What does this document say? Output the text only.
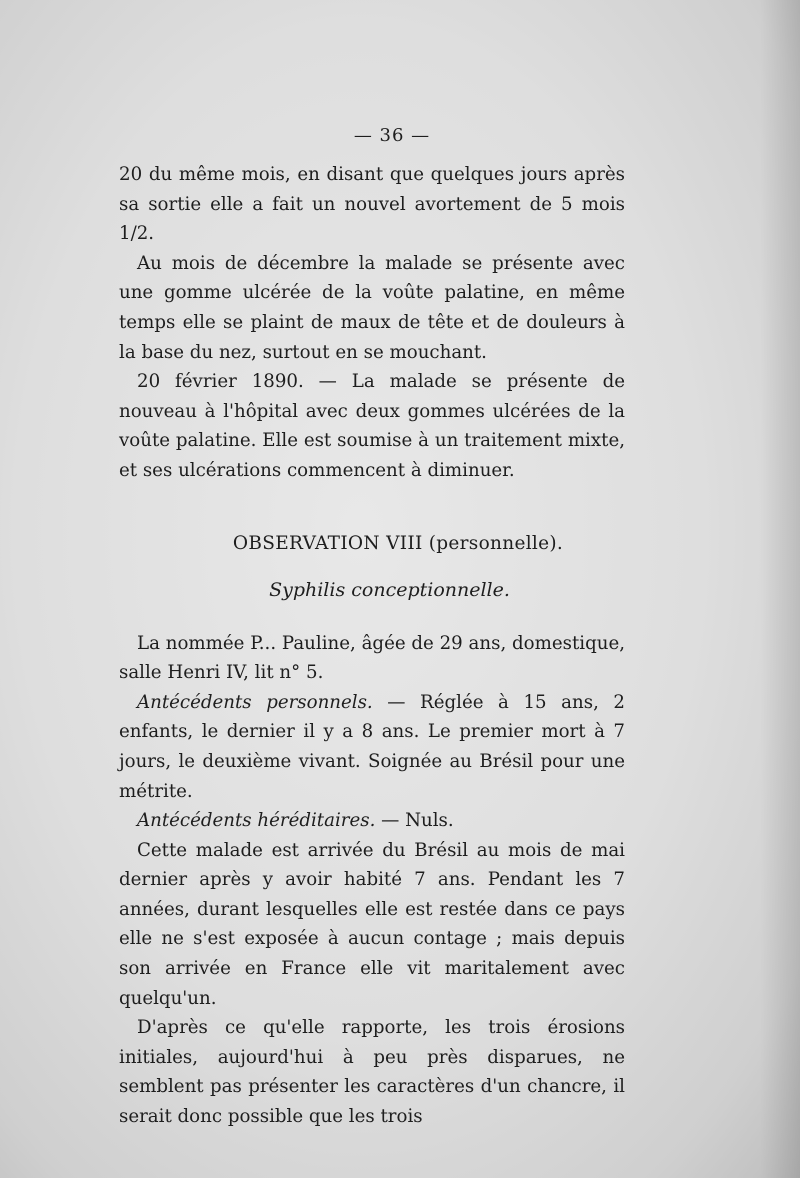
— 36 —

20 du même mois, en disant que quelques jours après sa sortie elle a fait un nouvel avortement de 5 mois 1/2.

Au mois de décembre la malade se présente avec une gomme ulcérée de la voûte palatine, en même temps elle se plaint de maux de tête et de douleurs à la base du nez, surtout en se mouchant.

20 février 1890. — La malade se présente de nouveau à l'hôpital avec deux gommes ulcérées de la voûte palatine. Elle est soumise à un traitement mixte, et ses ulcérations commencent à diminuer.

OBSERVATION VIII (personnelle).
Syphilis conceptionnelle.

La nommée P... Pauline, âgée de 29 ans, domestique, salle Henri IV, lit n° 5.

Antécédents personnels. — Réglée à 15 ans, 2 enfants, le dernier il y a 8 ans. Le premier mort à 7 jours, le deuxième vivant. Soignée au Brésil pour une métrite.

Antécédents héréditaires. — Nuls.

Cette malade est arrivée du Brésil au mois de mai dernier après y avoir habité 7 ans. Pendant les 7 années, durant lesquelles elle est restée dans ce pays elle ne s'est exposée à aucun contage ; mais depuis son arrivée en France elle vit maritalement avec quelqu'un.

D'après ce qu'elle rapporte, les trois érosions initiales, aujourd'hui à peu près disparues, ne semblent pas présenter les caractères d'un chancre, il serait donc possible que les trois
